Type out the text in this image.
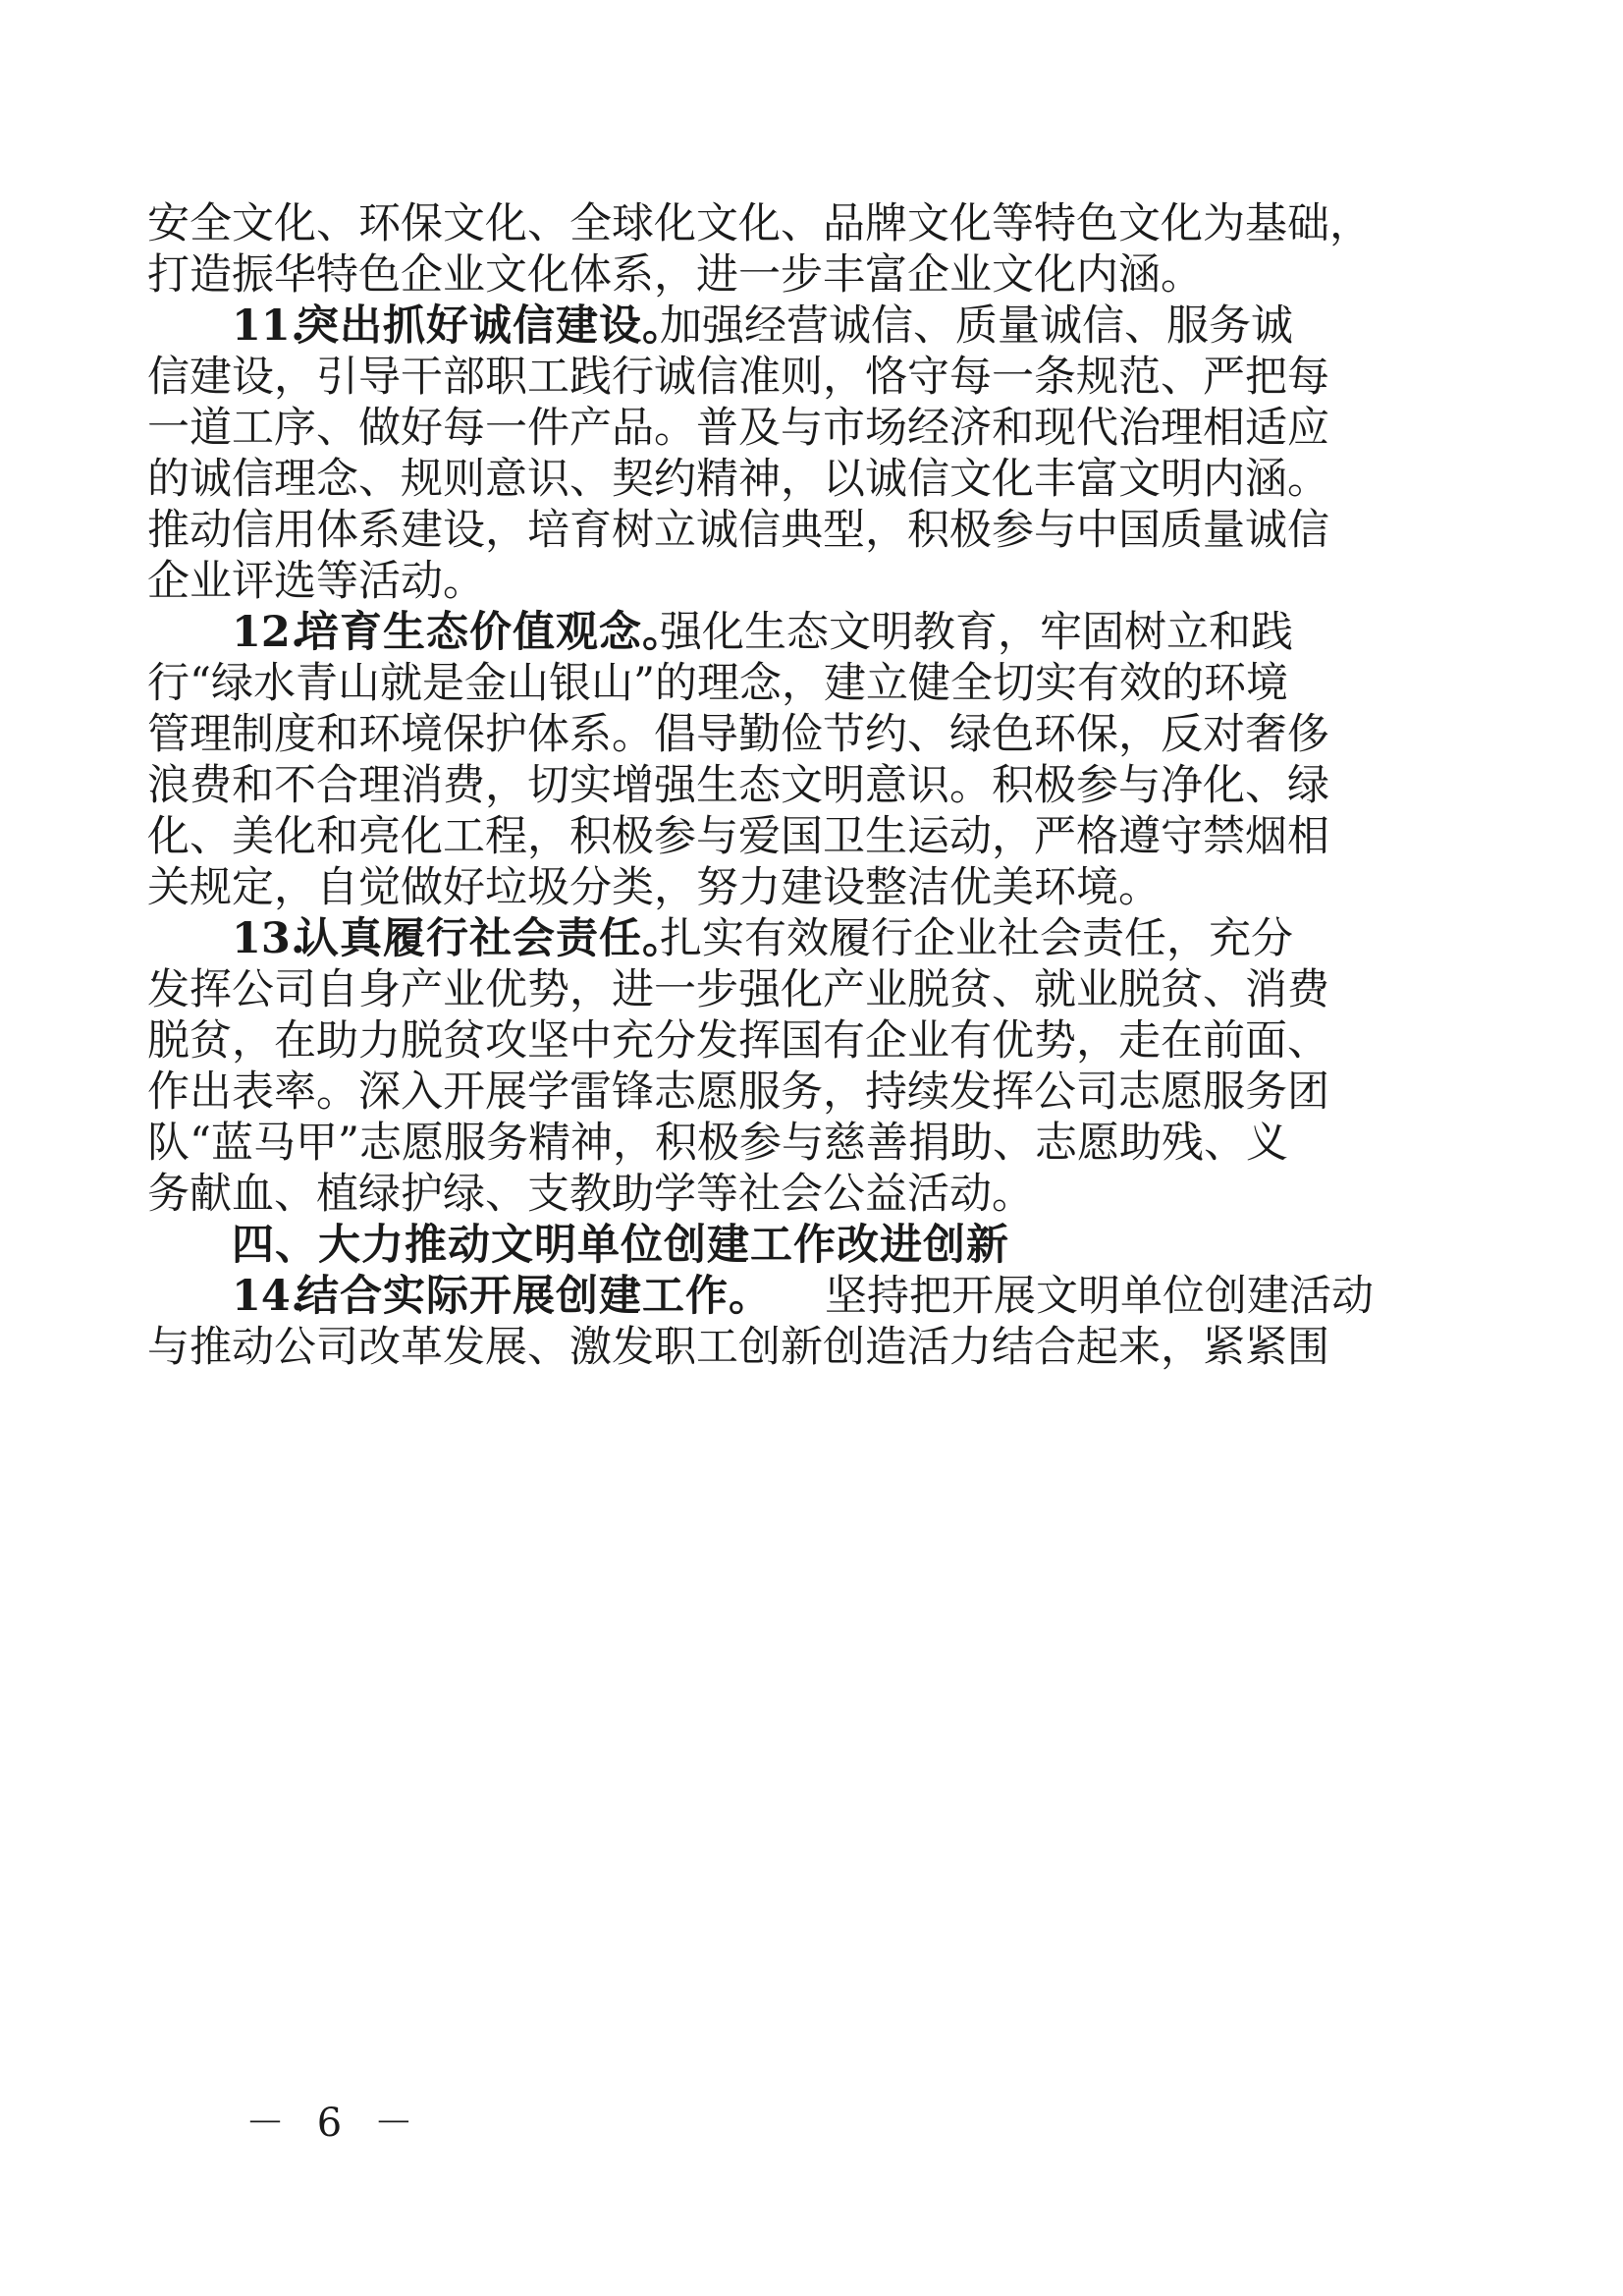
安全文化、环保文化、全球化文化、品牌文化等特色文化为基础，
打造振华特色企业文化体系，进一步丰富企业文化内涵。
11.
突出抓好诚信建设。
加强经营诚信、质量诚信、服务诚
信建设，引导干部职工践行诚信准则，恪守每一条规范、严把每
一道工序、做好每一件产品。普及与市场经济和现代治理相适应
的诚信理念、规则意识、契约精神，以诚信文化丰富文明内涵。
推动信用体系建设，培育树立诚信典型，积极参与中国质量诚信
企业评选等活动。
12.
培育生态价值观念。
强化生态文明教育，牢固树立和践
行“绿水青山就是金山银山”的理念，建立健全切实有效的环境
管理制度和环境保护体系。倡导勤俭节约、绿色环保，反对奢侈
浪费和不合理消费，切实增强生态文明意识。积极参与净化、绿
化、美化和亮化工程，积极参与爱国卫生运动，严格遵守禁烟相
关规定，自觉做好垃圾分类，努力建设整洁优美环境。
13.
认真履行社会责任。
扎实有效履行企业社会责任，充分
发挥公司自身产业优势，进一步强化产业脱贫、就业脱贫、消费
脱贫，在助力脱贫攻坚中充分发挥国有企业有优势，走在前面、
作出表率。深入开展学雷锋志愿服务，持续发挥公司志愿服务团
队“蓝马甲”志愿服务精神，积极参与慈善捐助、志愿助残、义
务献血、植绿护绿、支教助学等社会公益活动。
四、大力推动文明单位创建工作改进创新
14.
结合实际开展创建工作。 坚持把开展文明单位创建活动
与推动公司改革发展、激发职工创新创造活力结合起来，紧紧围
－ 6 －
